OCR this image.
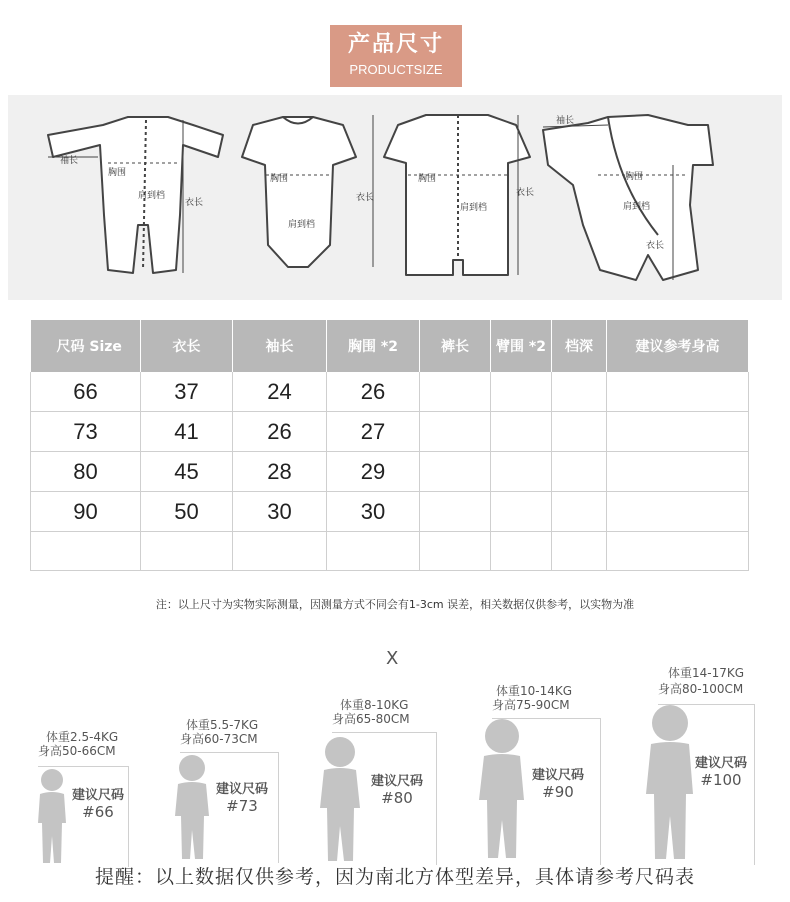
产品尺寸
PRODUCTSIZE
袖长
胸围
肩到档
衣长
胸围
肩到档
衣长
胸围
肩到档
衣长
袖长
胸围
肩到档
衣长
尺码 Size	衣长	袖长	胸围 *2	裤长	臂围 *2	档深	建议参考身高
66	37	24	26				
73	41	26	27				
80	45	28	29				
90	50	30	30				

注：以上尺寸为实物实际测量，因测量方式不同会有1-3cm 误差，相关数据仅供参考，以实物为准
X
体重2.5-4KG
身高50-66CM
建议尺码
#66
体重5.5-7KG
身高60-73CM
建议尺码
#73
体重8-10KG
身高65-80CM
建议尺码
#80
体重10-14KG
身高75-90CM
建议尺码
#90
体重14-17KG
身高80-100CM
建议尺码
#100
提醒：以上数据仅供参考，因为南北方体型差异，具体请参考尺码表
